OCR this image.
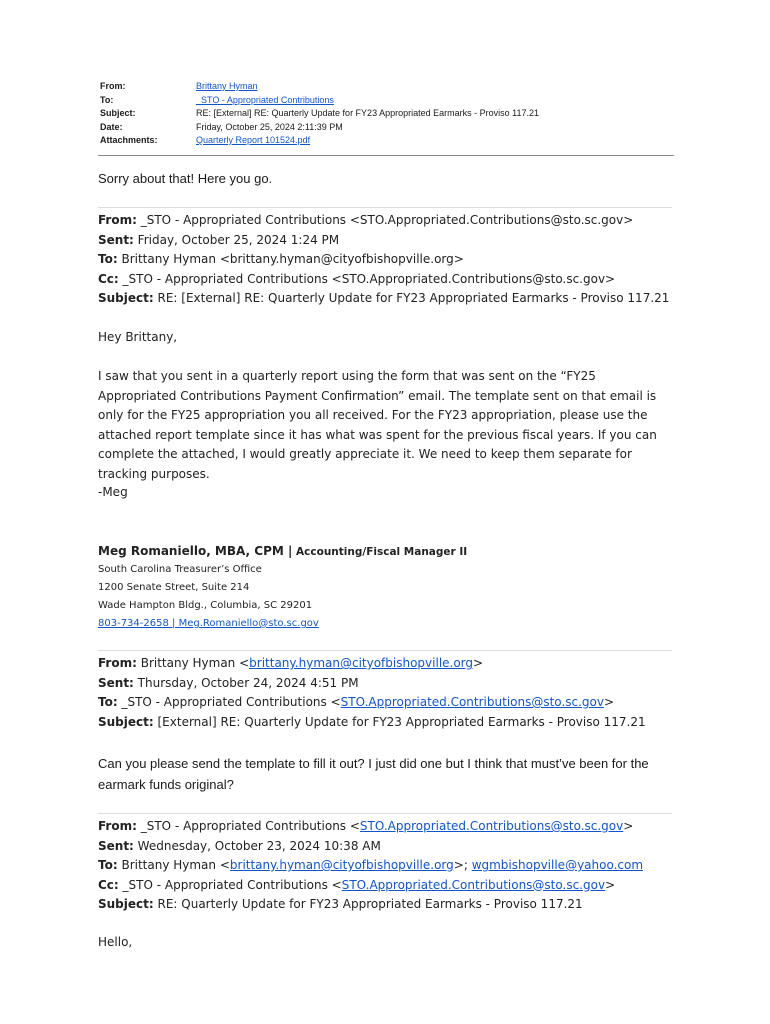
From:	Brittany Hyman
To:	_STO - Appropriated Contributions
Subject:	RE: [External] RE: Quarterly Update for FY23 Appropriated Earmarks - Proviso 117.21
Date:	Friday, October 25, 2024 2:11:39 PM
Attachments:	Quarterly Report 101524.pdf
Sorry about that! Here you go.
From: _STO - Appropriated Contributions <STO.Appropriated.Contributions@sto.sc.gov>
Sent: Friday, October 25, 2024 1:24 PM
To: Brittany Hyman <brittany.hyman@cityofbishopville.org>
Cc: _STO - Appropriated Contributions <STO.Appropriated.Contributions@sto.sc.gov>
Subject: RE: [External] RE: Quarterly Update for FY23 Appropriated Earmarks - Proviso 117.21
Hey Brittany,
I saw that you sent in a quarterly report using the form that was sent on the “FY25 Appropriated Contributions Payment Confirmation” email. The template sent on that email is only for the FY25 appropriation you all received. For the FY23 appropriation, please use the attached report template since it has what was spent for the previous fiscal years. If you can complete the attached, I would greatly appreciate it. We need to keep them separate for tracking purposes.
-Meg
Meg Romaniello, MBA, CPM | Accounting/Fiscal Manager II
South Carolina Treasurer’s Office
1200 Senate Street, Suite 214
Wade Hampton Bldg., Columbia, SC 29201
803-734-2658 | Meg.Romaniello@sto.sc.gov
From: Brittany Hyman <brittany.hyman@cityofbishopville.org>
Sent: Thursday, October 24, 2024 4:51 PM
To: _STO - Appropriated Contributions <STO.Appropriated.Contributions@sto.sc.gov>
Subject: [External] RE: Quarterly Update for FY23 Appropriated Earmarks - Proviso 117.21
Can you please send the template to fill it out? I just did one but I think that must’ve been for the earmark funds original?
From: _STO - Appropriated Contributions <STO.Appropriated.Contributions@sto.sc.gov>
Sent: Wednesday, October 23, 2024 10:38 AM
To: Brittany Hyman <brittany.hyman@cityofbishopville.org>; wgmbishopville@yahoo.com
Cc: _STO - Appropriated Contributions <STO.Appropriated.Contributions@sto.sc.gov>
Subject: RE: Quarterly Update for FY23 Appropriated Earmarks - Proviso 117.21
Hello,
